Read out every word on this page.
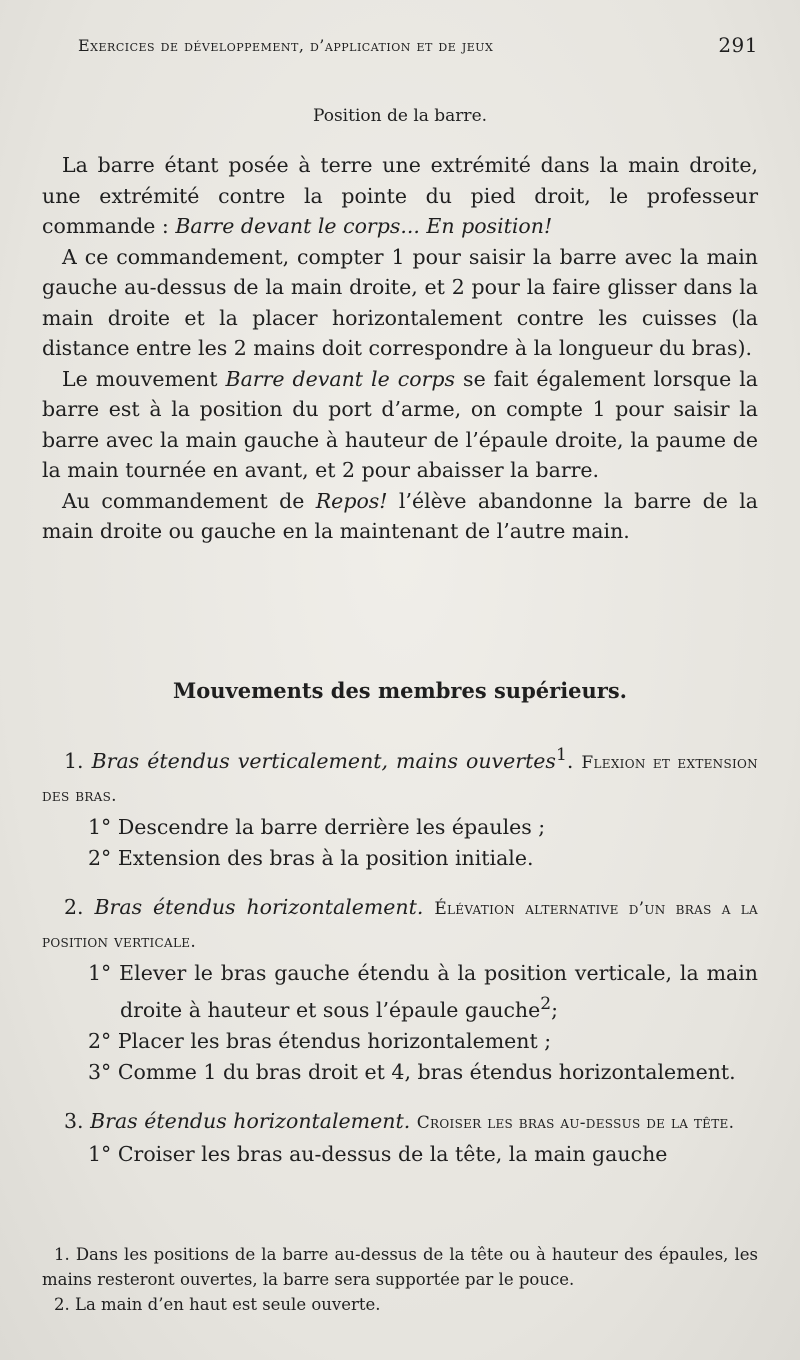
Exercices de développement, d’application et de jeux	291
Position de la barre.

La barre étant posée à terre une extrémité dans la main droite, une extrémité contre la pointe du pied droit, le professeur commande : Barre devant le corps... En position!

A ce commandement, compter 1 pour saisir la barre avec la main gauche au-dessus de la main droite, et 2 pour la faire glisser dans la main droite et la placer horizontalement contre les cuisses (la distance entre les 2 mains doit correspondre à la longueur du bras).

Le mouvement Barre devant le corps se fait également lorsque la barre est à la position du port d’arme, on compte 1 pour saisir la barre avec la main gauche à hauteur de l’épaule droite, la paume de la main tournée en avant, et 2 pour abaisser la barre.

Au commandement de Repos! l’élève abandonne la barre de la main droite ou gauche en la maintenant de l’autre main.

Mouvements des membres supérieurs.

1. Bras étendus verticalement, mains ouvertes$^1$. Flexion et extension des bras.

1° Descendre la barre derrière les épaules ;

2° Extension des bras à la position initiale.

2. Bras étendus horizontalement. Élévation alternative d’un bras a la position verticale.

1° Elever le bras gauche étendu à la position verticale, la main droite à hauteur et sous l’épaule gauche$^2$;

2° Placer les bras étendus horizontalement ;

3° Comme 1 du bras droit et 4, bras étendus horizontalement.

3. Bras étendus horizontalement. Croiser les bras au-dessus de la tête.

1° Croiser les bras au-dessus de la tête, la main gauche

1. Dans les positions de la barre au-dessus de la tête ou à hauteur des épaules, les mains resteront ouvertes, la barre sera supportée par le pouce.

2. La main d’en haut est seule ouverte.
